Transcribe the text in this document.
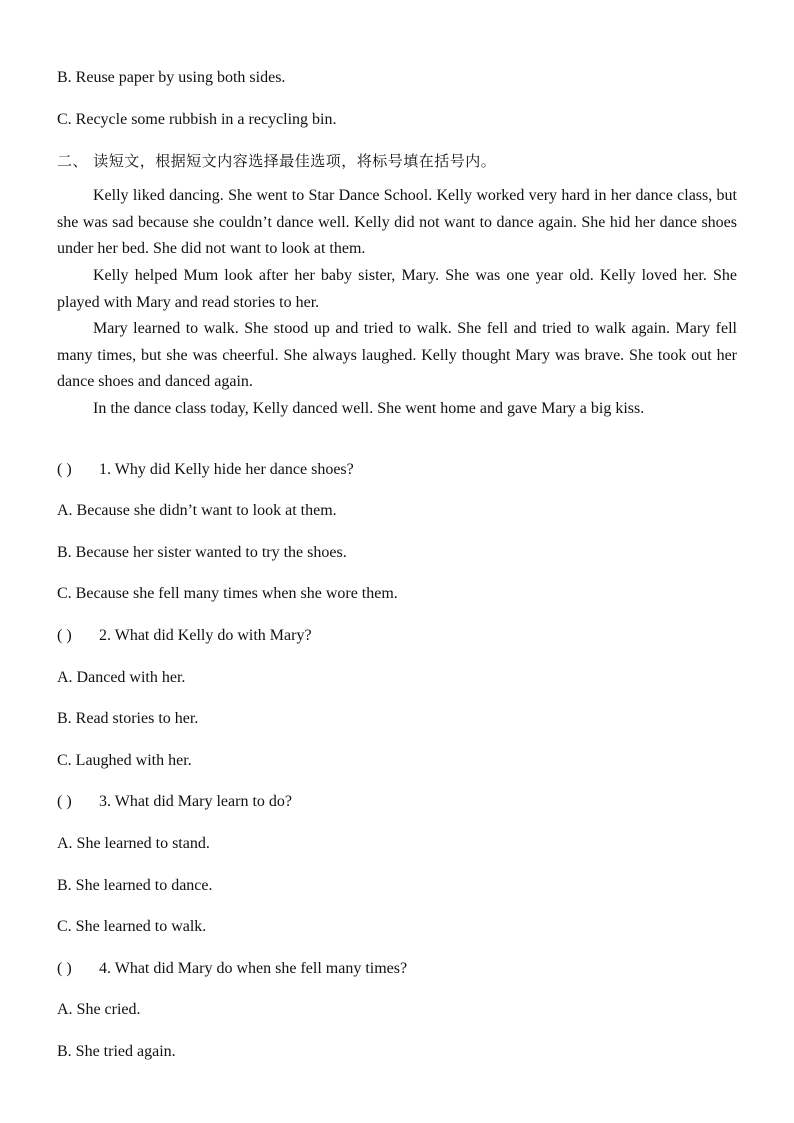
B. Reuse paper by using both sides.
C. Recycle some rubbish in a recycling bin.
二、 读短文，根据短文内容选择最佳选项，将标号填在括号内。
Kelly liked dancing. She went to Star Dance School. Kelly worked very hard in her dance class, but she was sad because she couldn’t dance well. Kelly did not want to dance again. She hid her dance shoes under her bed. She did not want to look at them.
Kelly helped Mum look after her baby sister, Mary. She was one year old. Kelly loved her. She played with Mary and read stories to her.
Mary learned to walk. She stood up and tried to walk. She fell and tried to walk again. Mary fell many times, but she was cheerful. She always laughed. Kelly thought Mary was brave. She took out her dance shoes and danced again.
In the dance class today, Kelly danced well. She went home and gave Mary a big kiss.
( ) 1. Why did Kelly hide her dance shoes?
A. Because she didn’t want to look at them.
B. Because her sister wanted to try the shoes.
C. Because she fell many times when she wore them.
( ) 2. What did Kelly do with Mary?
A. Danced with her.
B. Read stories to her.
C. Laughed with her.
( ) 3. What did Mary learn to do?
A. She learned to stand.
B. She learned to dance.
C. She learned to walk.
( ) 4. What did Mary do when she fell many times?
A. She cried.
B. She tried again.
